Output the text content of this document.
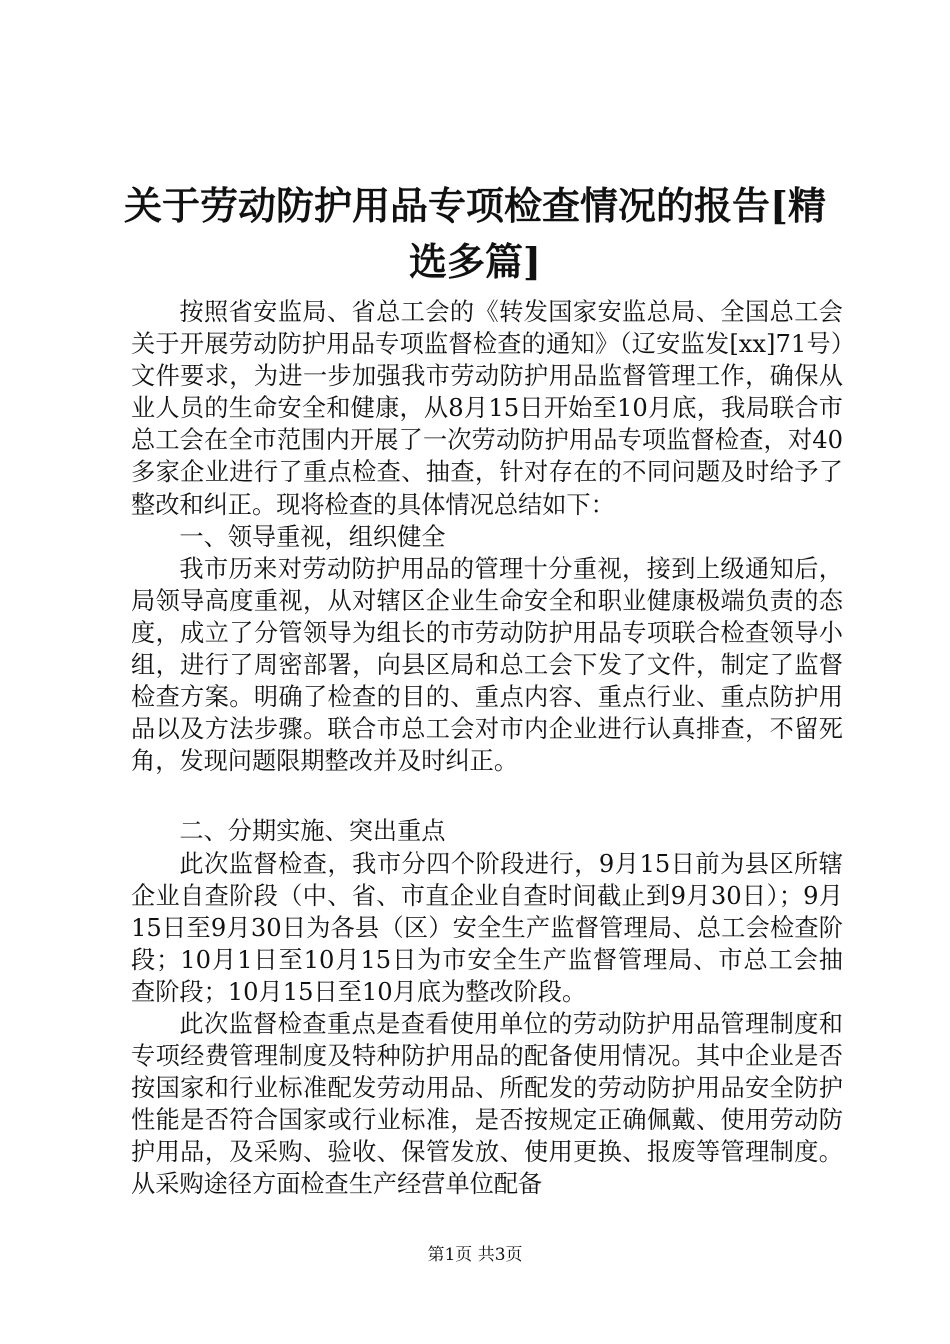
关于劳动防护用品专项检查情况的报告[精选多篇]

按照省安监局、省总工会的《转发国家安监总局、全国总工会关于开展劳动防护用品专项监督检查的通知》（辽安监发[xx]71号）文件要求，为进一步加强我市劳动防护用品监督管理工作，确保从业人员的生命安全和健康，从8月15日开始至10月底，我局联合市总工会在全市范围内开展了一次劳动防护用品专项监督检查，对40多家企业进行了重点检查、抽查，针对存在的不同问题及时给予了整改和纠正。现将检查的具体情况总结如下：

一、领导重视，组织健全

我市历来对劳动防护用品的管理十分重视，接到上级通知后，局领导高度重视，从对辖区企业生命安全和职业健康极端负责的态度，成立了分管领导为组长的市劳动防护用品专项联合检查领导小组，进行了周密部署，向县区局和总工会下发了文件，制定了监督检查方案。明确了检查的目的、重点内容、重点行业、重点防护用品以及方法步骤。联合市总工会对市内企业进行认真排查，不留死角，发现问题限期整改并及时纠正。

二、分期实施、突出重点

此次监督检查，我市分四个阶段进行，9月15日前为县区所辖企业自查阶段（中、省、市直企业自查时间截止到9月30日）；9月15日至9月30日为各县（区）安全生产监督管理局、总工会检查阶段；10月1日至10月15日为市安全生产监督管理局、市总工会抽查阶段；10月15日至10月底为整改阶段。

此次监督检查重点是查看使用单位的劳动防护用品管理制度和专项经费管理制度及特种防护用品的配备使用情况。其中企业是否按国家和行业标准配发劳动用品、所配发的劳动防护用品安全防护性能是否符合国家或行业标准，是否按规定正确佩戴、使用劳动防护用品，及采购、验收、保管发放、使用更换、报废等管理制度。从采购途径方面检查生产经营单位配备

第1页 共3页
